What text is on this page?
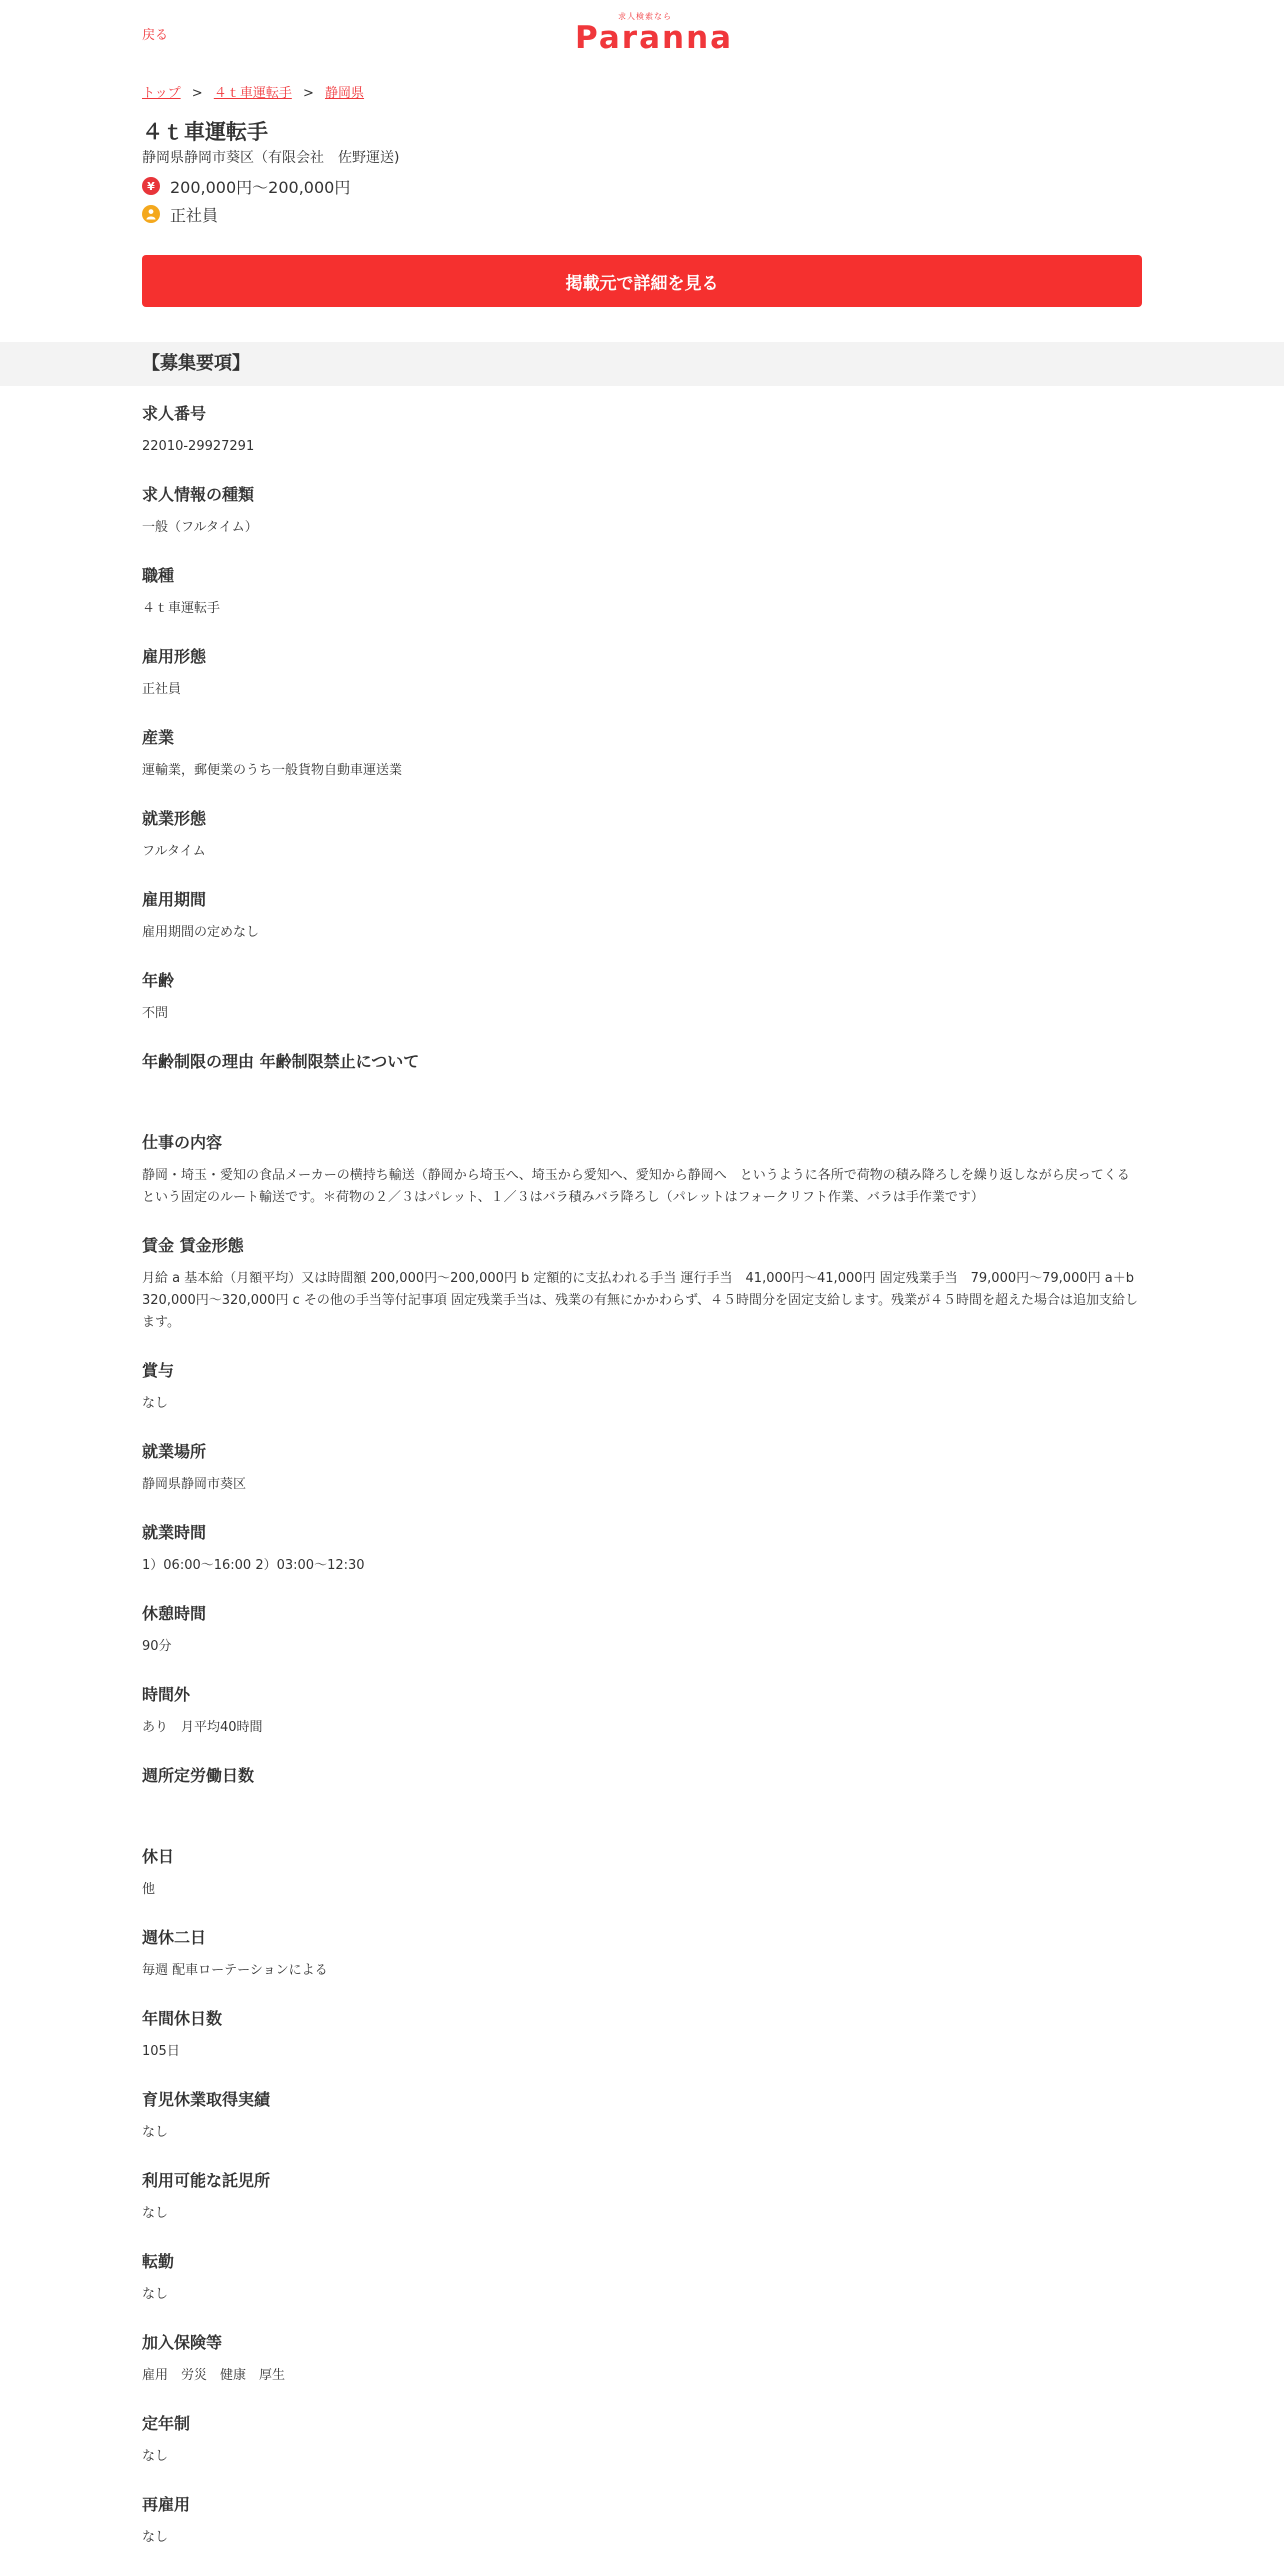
戻る
求人検索なら
Paranna
トップ > ４ｔ車運転手 > 静岡県
４ｔ車運転手
静岡県静岡市葵区（有限会社　佐野運送)
¥ 200,000円～200,000円
正社員
掲載元で詳細を見る
【募集要項】
求人番号
22010-29927291
求人情報の種類
一般（フルタイム）
職種
４ｔ車運転手
雇用形態
正社員
産業
運輸業，郵便業のうち一般貨物自動車運送業
就業形態
フルタイム
雇用期間
雇用期間の定めなし
年齢
不問
年齢制限の理由 年齢制限禁止について
仕事の内容
静岡・埼玉・愛知の食品メーカーの横持ち輸送（静岡から埼玉へ、埼玉から愛知へ、愛知から静岡へ　というように各所で荷物の積み降ろしを繰り返しながら戻ってくるという固定のルート輸送です。＊荷物の２／３はパレット、１／３はバラ積みバラ降ろし（パレットはフォークリフト作業、バラは手作業です）
賃金 賃金形態
月給 a 基本給（月額平均）又は時間額 200,000円～200,000円 b 定額的に支払われる手当 運行手当　41,000円～41,000円 固定残業手当　79,000円～79,000円 a＋b 320,000円～320,000円 c その他の手当等付記事項 固定残業手当は、残業の有無にかかわらず、４５時間分を固定支給します。残業が４５時間を超えた場合は追加支給します。
賞与
なし
就業場所
静岡県静岡市葵区
就業時間
1）06:00～16:00 2）03:00～12:30
休憩時間
90分
時間外
あり　月平均40時間
週所定労働日数
休日
他
週休二日
毎週 配車ローテーションによる
年間休日数
105日
育児休業取得実績
なし
利用可能な託児所
なし
転勤
なし
加入保険等
雇用　労災　健康　厚生
定年制
なし
再雇用
なし
